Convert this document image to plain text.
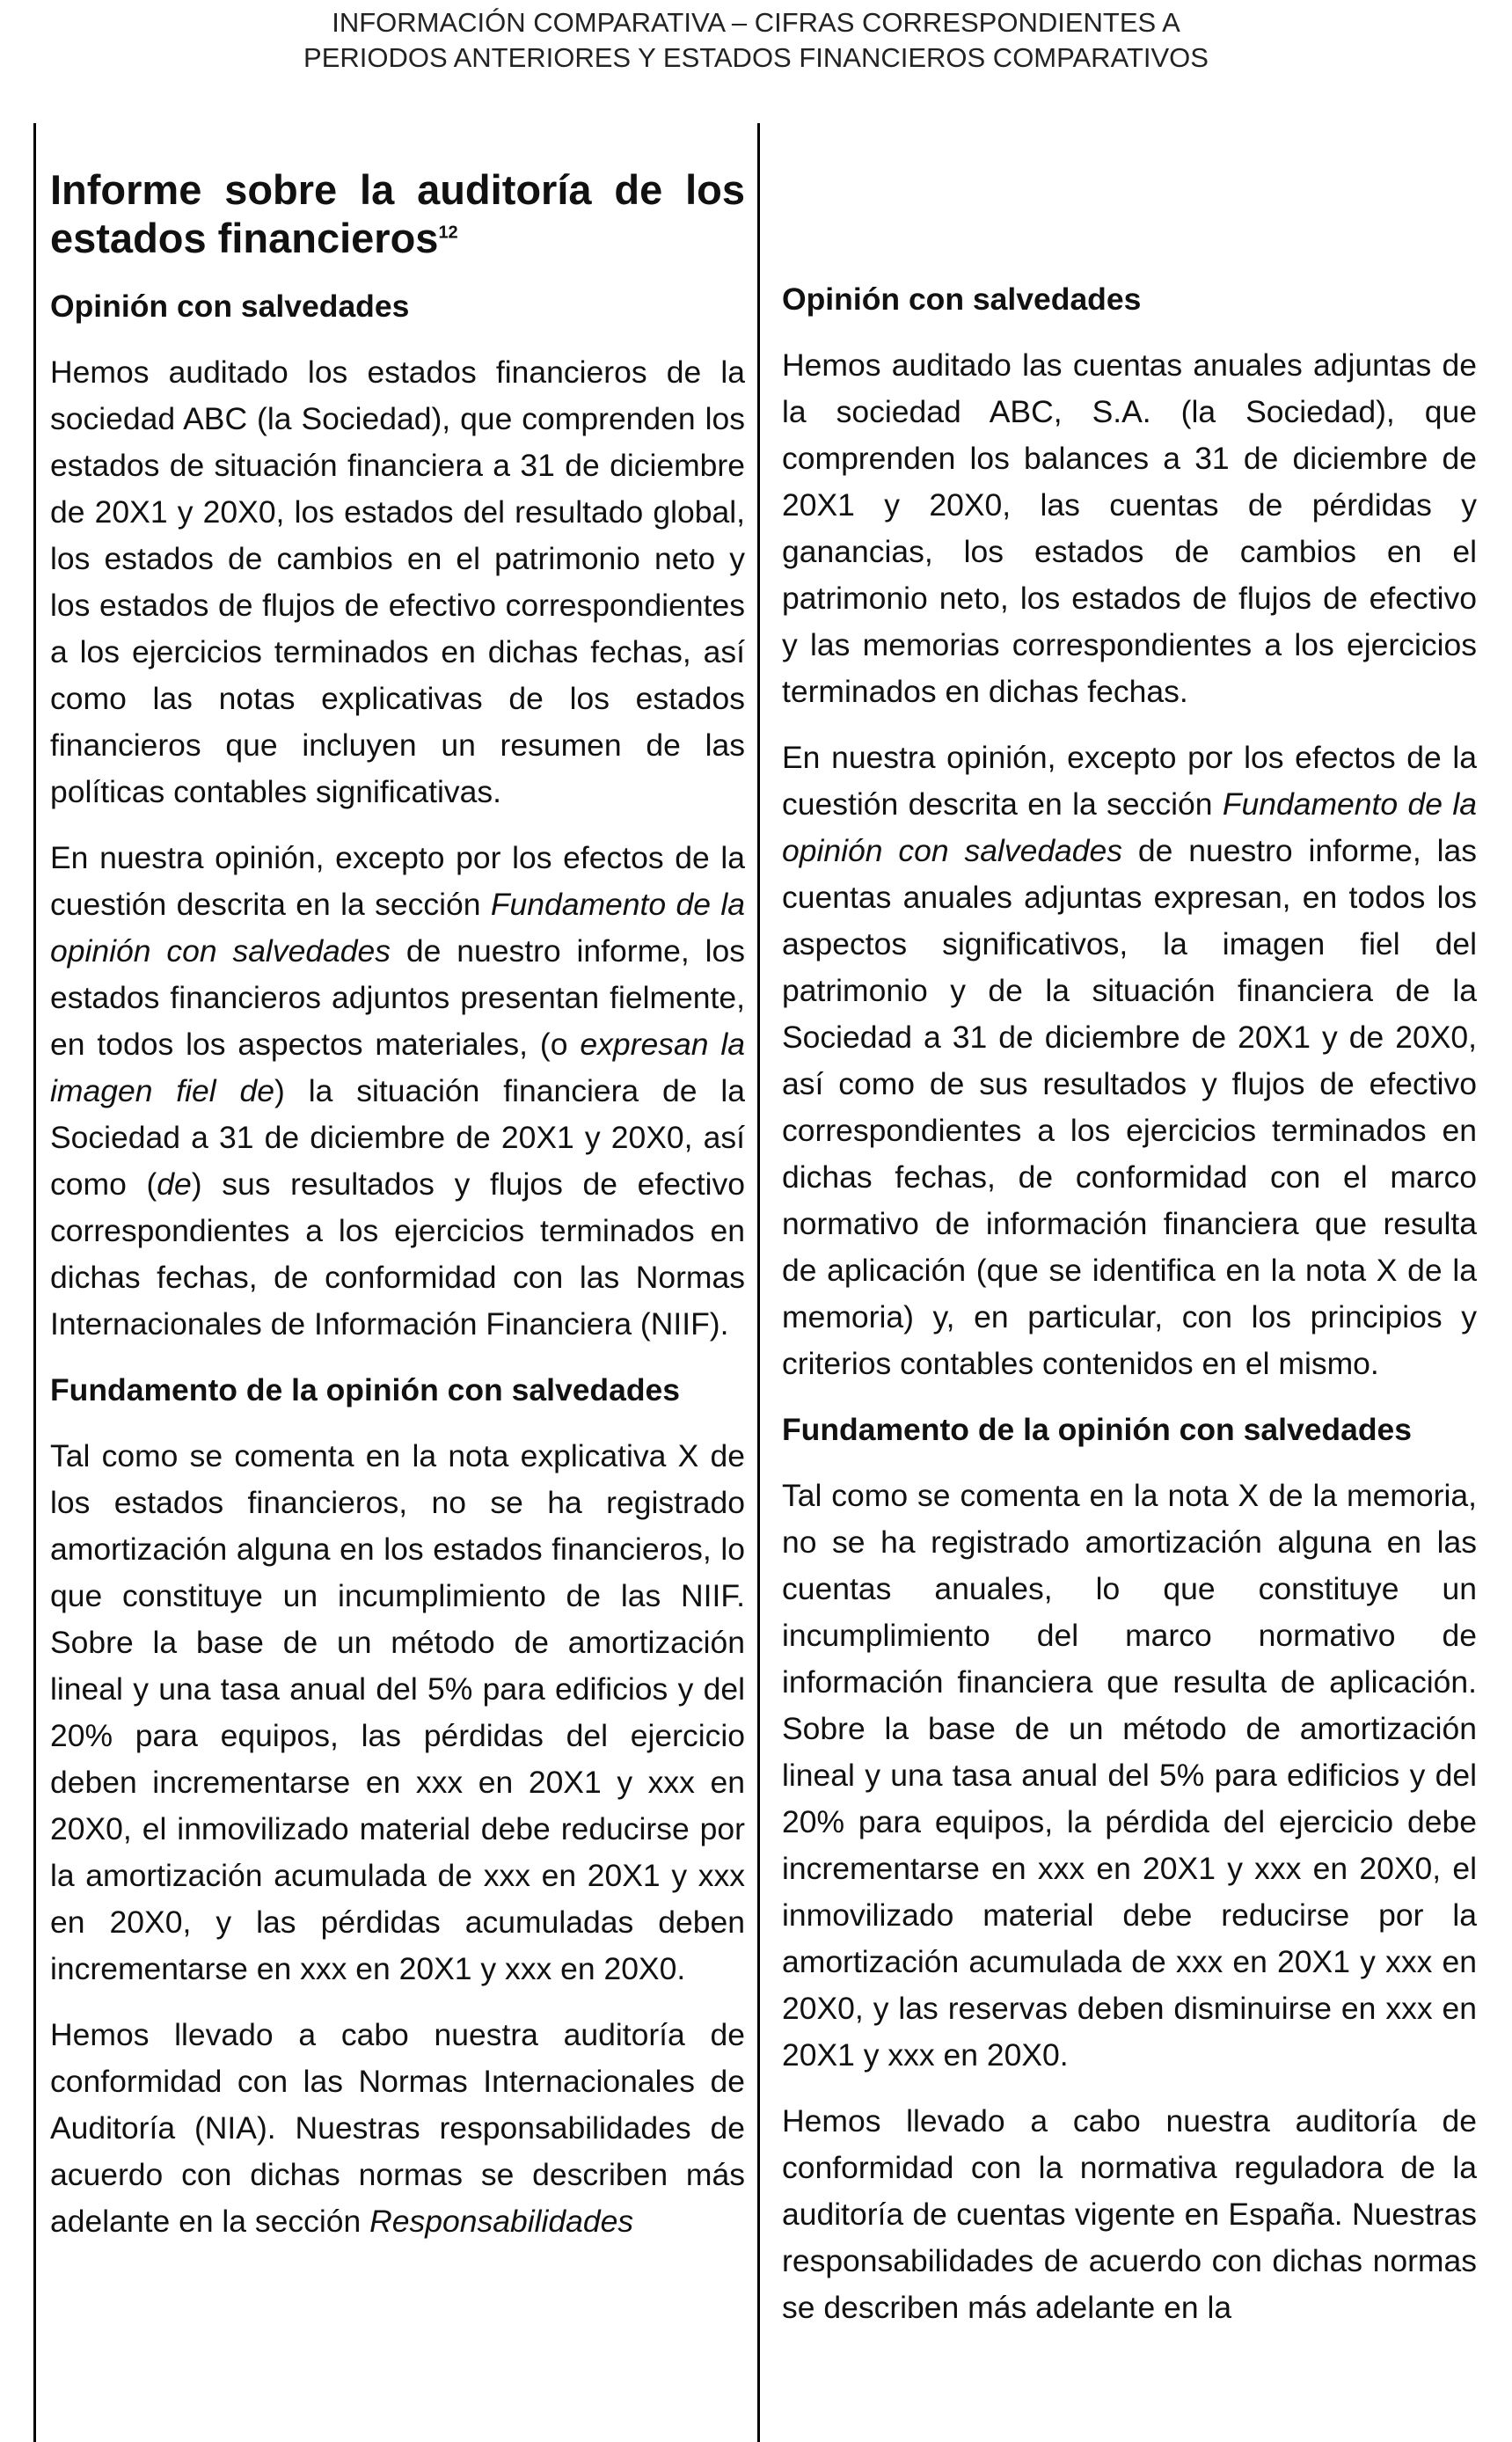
INFORMACIÓN COMPARATIVA – CIFRAS CORRESPONDIENTES A
PERIODOS ANTERIORES Y ESTADOS FINANCIEROS COMPARATIVOS
Informe sobre la auditoría de los estados financieros$^{12}$
Opinión con salvedades

Hemos auditado los estados financieros de la sociedad ABC (la Sociedad), que comprenden los estados de situación financiera a 31 de diciembre de 20X1 y 20X0, los estados del resultado global, los estados de cambios en el patrimonio neto y los estados de flujos de efectivo correspondientes a los ejercicios terminados en dichas fechas, así como las notas explicativas de los estados financieros que incluyen un resumen de las políticas contables significativas.

En nuestra opinión, excepto por los efectos de la cuestión descrita en la sección Fundamento de la opinión con salvedades de nuestro informe, los estados financieros adjuntos presentan fielmente, en todos los aspectos materiales, (o expresan la imagen fiel de) la situación financiera de la Sociedad a 31 de diciembre de 20X1 y 20X0, así como (de) sus resultados y flujos de efectivo correspondientes a los ejercicios terminados en dichas fechas, de conformidad con las Normas Internacionales de Información Financiera (NIIF).

Fundamento de la opinión con salvedades

Tal como se comenta en la nota explicativa X de los estados financieros, no se ha registrado amortización alguna en los estados financieros, lo que constituye un incumplimiento de las NIIF. Sobre la base de un método de amortización lineal y una tasa anual del 5% para edificios y del 20% para equipos, las pérdidas del ejercicio deben incrementarse en xxx en 20X1 y xxx en 20X0, el inmovilizado material debe reducirse por la amortización acumulada de xxx en 20X1 y xxx en 20X0, y las pérdidas acumuladas deben incrementarse en xxx en 20X1 y xxx en 20X0.

Hemos llevado a cabo nuestra auditoría de conformidad con las Normas Internacionales de Auditoría (NIA). Nuestras responsabilidades de acuerdo con dichas normas se describen más adelante en la sección Responsabilidades

Opinión con salvedades

Hemos auditado las cuentas anuales adjuntas de la sociedad ABC, S.A. (la Sociedad), que comprenden los balances a 31 de diciembre de 20X1 y 20X0, las cuentas de pérdidas y ganancias, los estados de cambios en el patrimonio neto, los estados de flujos de efectivo y las memorias correspondientes a los ejercicios terminados en dichas fechas.

En nuestra opinión, excepto por los efectos de la cuestión descrita en la sección Fundamento de la opinión con salvedades de nuestro informe, las cuentas anuales adjuntas expresan, en todos los aspectos significativos, la imagen fiel del patrimonio y de la situación financiera de la Sociedad a 31 de diciembre de 20X1 y de 20X0, así como de sus resultados y flujos de efectivo correspondientes a los ejercicios terminados en dichas fechas, de conformidad con el marco normativo de información financiera que resulta de aplicación (que se identifica en la nota X de la memoria) y, en particular, con los principios y criterios contables contenidos en el mismo.

Fundamento de la opinión con salvedades

Tal como se comenta en la nota X de la memoria, no se ha registrado amortización alguna en las cuentas anuales, lo que constituye un incumplimiento del marco normativo de información financiera que resulta de aplicación. Sobre la base de un método de amortización lineal y una tasa anual del 5% para edificios y del 20% para equipos, la pérdida del ejercicio debe incrementarse en xxx en 20X1 y xxx en 20X0, el inmovilizado material debe reducirse por la amortización acumulada de xxx en 20X1 y xxx en 20X0, y las reservas deben disminuirse en xxx en 20X1 y xxx en 20X0.

Hemos llevado a cabo nuestra auditoría de conformidad con la normativa reguladora de la auditoría de cuentas vigente en España. Nuestras responsabilidades de acuerdo con dichas normas se describen más adelante en la
